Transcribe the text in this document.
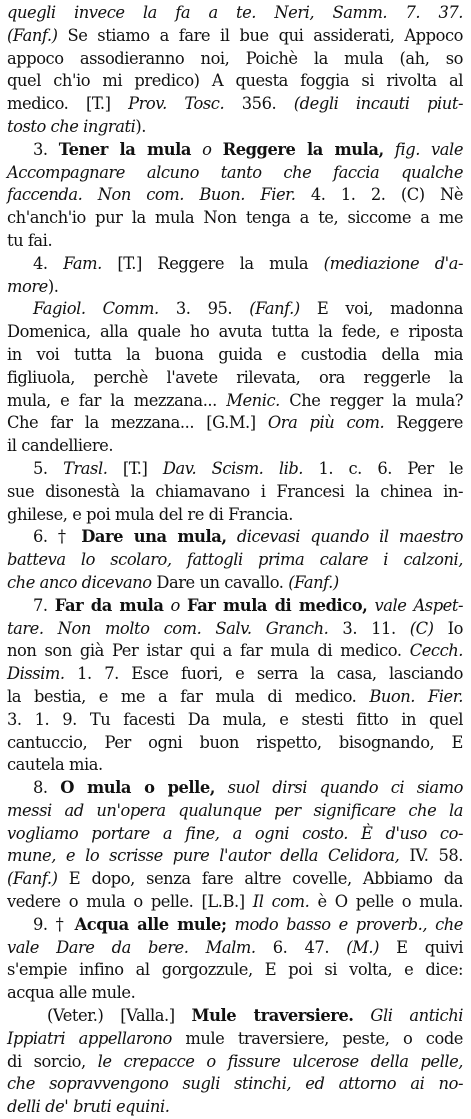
quegli invece la fa a te. Neri, Samm. 7. 37.
(Fanf.) Se stiamo a fare il bue qui assiderati, Appoco
appoco assodieranno noi, Poichè la mula (ah, so
quel ch'io mi predico) A questa foggia si rivolta al
medico. [T.] Prov. Tosc. 356. (degli incauti piut-
tosto che ingrati).
3. Tener la mula o Reggere la mula, fig. vale
Accompagnare alcuno tanto che faccia qualche
faccenda. Non com. Buon. Fier. 4. 1. 2. (C) Nè
ch'anch'io pur la mula Non tenga a te, siccome a me
tu fai.
4. Fam. [T.] Reggere la mula (mediazione d'a-
more).
Fagiol. Comm. 3. 95. (Fanf.) E voi, madonna
Domenica, alla quale ho avuta tutta la fede, e riposta
in voi tutta la buona guida e custodia della mia
figliuola, perchè l'avete rilevata, ora reggerle la
mula, e far la mezzana... Menic. Che regger la mula?
Che far la mezzana... [G.M.] Ora più com. Reggere
il candelliere.
5. Trasl. [T.] Dav. Scism. lib. 1. c. 6. Per le
sue disonestà la chiamavano i Francesi la chinea in-
ghilese, e poi mula del re di Francia.
6. † Dare una mula, dicevasi quando il maestro
batteva lo scolaro, fattogli prima calare i calzoni,
che anco dicevano Dare un cavallo. (Fanf.)
7. Far da mula o Far mula di medico, vale Aspet-
tare. Non molto com. Salv. Granch. 3. 11. (C) Io
non son già Per istar qui a far mula di medico. Cecch.
Dissim. 1. 7. Esce fuori, e serra la casa, lasciando
la bestia, e me a far mula di medico. Buon. Fier.
3. 1. 9. Tu facesti Da mula, e stesti fitto in quel
cantuccio, Per ogni buon rispetto, bisognando, E
cautela mia.
8. O mula o pelle, suol dirsi quando ci siamo
messi ad un'opera qualunque per significare che la
vogliamo portare a fine, a ogni costo. È d'uso co-
mune, e lo scrisse pure l'autor della Celidora, IV. 58.
(Fanf.) E dopo, senza fare altre covelle, Abbiamo da
vedere o mula o pelle. [L.B.] Il com. è O pelle o mula.
9. † Acqua alle mule; modo basso e proverb., che
vale Dare da bere. Malm. 6. 47. (M.) E quivi
s'empie infino al gorgozzule, E poi si volta, e dice:
acqua alle mule.
(Veter.) [Valla.] Mule traversiere. Gli antichi
Ippiatri appellarono mule traversiere, peste, o code
di sorcio, le crepacce o fissure ulcerose della pelle,
che sopravvengono sugli stinchi, ed attorno ai no-
delli de' bruti equini.
